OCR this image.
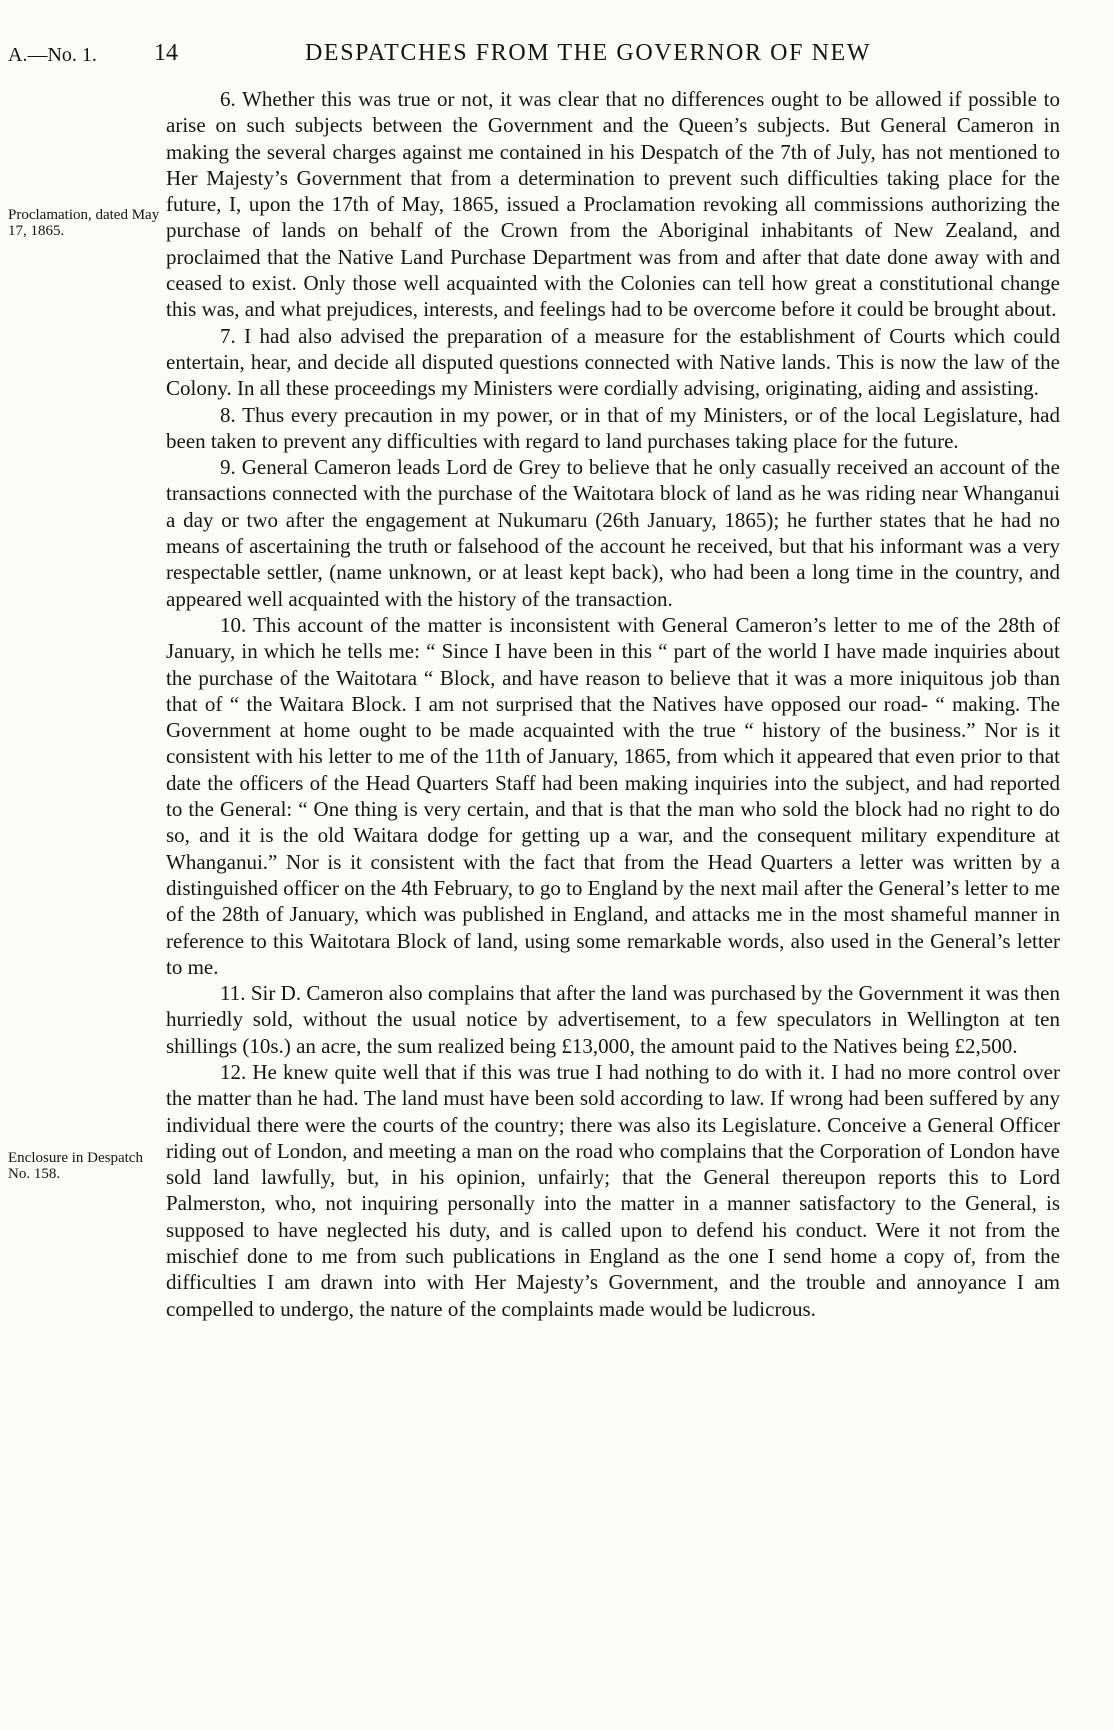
A.—No. 1. 14	DESPATCHES FROM THE GOVERNOR OF NEW
Proclamation, dated May 17, 1865.
Enclosure in Despatch No. 158.

6. Whether this was true or not, it was clear that no differences ought to be allowed if possible to arise on such subjects between the Government and the Queen’s subjects. But General Cameron in making the several charges against me contained in his Despatch of the 7th of July, has not mentioned to Her Majesty’s Government that from a determination to prevent such difficulties taking place for the future, I, upon the 17th of May, 1865, issued a Proclamation revoking all commissions authorizing the purchase of lands on behalf of the Crown from the Aboriginal inhabitants of New Zealand, and proclaimed that the Native Land Purchase Department was from and after that date done away with and ceased to exist. Only those well acquainted with the Colonies can tell how great a constitutional change this was, and what prejudices, interests, and feelings had to be overcome before it could be brought about.

7. I had also advised the preparation of a measure for the establishment of Courts which could entertain, hear, and decide all disputed questions connected with Native lands. This is now the law of the Colony. In all these proceedings my Ministers were cordially advising, originating, aiding and assisting.

8. Thus every precaution in my power, or in that of my Ministers, or of the local Legislature, had been taken to prevent any difficulties with regard to land purchases taking place for the future.

9. General Cameron leads Lord de Grey to believe that he only casually received an account of the transactions connected with the purchase of the Waitotara block of land as he was riding near Whanganui a day or two after the engagement at Nukumaru (26th January, 1865); he further states that he had no means of ascertaining the truth or falsehood of the account he received, but that his informant was a very respectable settler, (name unknown, or at least kept back), who had been a long time in the country, and appeared well acquainted with the history of the transaction.

10. This account of the matter is inconsistent with General Cameron’s letter to me of the 28th of January, in which he tells me: “ Since I have been in this “ part of the world I have made inquiries about the purchase of the Waitotara “ Block, and have reason to believe that it was a more iniquitous job than that of “ the Waitara Block. I am not surprised that the Natives have opposed our road- “ making. The Government at home ought to be made acquainted with the true “ history of the business.” Nor is it consistent with his letter to me of the 11th of January, 1865, from which it appeared that even prior to that date the officers of the Head Quarters Staff had been making inquiries into the subject, and had reported to the General: “ One thing is very certain, and that is that the man who sold the block had no right to do so, and it is the old Waitara dodge for getting up a war, and the consequent military expenditure at Whanganui.” Nor is it consistent with the fact that from the Head Quarters a letter was written by a distinguished officer on the 4th February, to go to England by the next mail after the General’s letter to me of the 28th of January, which was published in England, and attacks me in the most shameful manner in reference to this Waitotara Block of land, using some remarkable words, also used in the General’s letter to me.

11. Sir D. Cameron also complains that after the land was purchased by the Government it was then hurriedly sold, without the usual notice by advertisement, to a few speculators in Wellington at ten shillings (10s.) an acre, the sum realized being £13,000, the amount paid to the Natives being £2,500.

12. He knew quite well that if this was true I had nothing to do with it. I had no more control over the matter than he had. The land must have been sold according to law. If wrong had been suffered by any individual there were the courts of the country; there was also its Legislature. Conceive a General Officer riding out of London, and meeting a man on the road who complains that the Corporation of London have sold land lawfully, but, in his opinion, unfairly; that the General thereupon reports this to Lord Palmerston, who, not inquiring personally into the matter in a manner satisfactory to the General, is supposed to have neglected his duty, and is called upon to defend his conduct. Were it not from the mischief done to me from such publications in England as the one I send home a copy of, from the difficulties I am drawn into with Her Majesty’s Government, and the trouble and annoyance I am compelled to undergo, the nature of the complaints made would be ludicrous.
